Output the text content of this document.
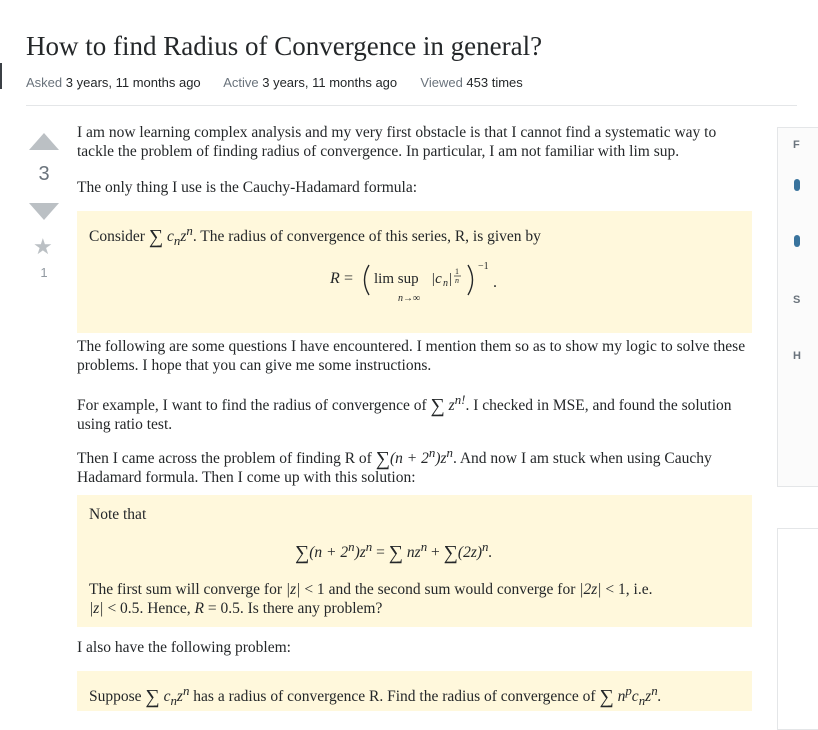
How to find Radius of Convergence in general?
Asked 3 years, 11 months ago Active 3 years, 11 months ago Viewed 453 times
3
★
1

I am now learning complex analysis and my very first obstacle is that I cannot find a systematic way to tackle the problem of finding radius of convergence. In particular, I am not familiar with lim sup.

The only thing I use is the Cauchy-Hadamard formula:

Consider ∑ $c_nz^n$. The radius of convergence of this series, R, is given by
R = lim sup
n→∞
|c n | 1
n
−1
.

The following are some questions I have encountered. I mention them so as to show my logic to solve these problems. I hope that you can give me some instructions.

For example, I want to find the radius of convergence of ∑ $z^{n!}$. I checked in MSE, and found the solution using ratio test.
Then I came across the problem of finding R of $\sum(n + 2^n)z^n$. And now I am stuck when using Cauchy Hadamard formula. Then I come up with this solution:
Note that
$\sum(n + 2^n)z^n$ = ∑ $nz^n + \sum(2z)^n$.
The first sum will converge for |z| < 1 and the second sum would converge for |2z| < 1, i.e.
|z| < 0.5. Hence, R = 0.5. Is there any problem?

I also have the following problem:

Suppose ∑ $c_nz^n$ has a radius of convergence R. Find the radius of convergence of ∑ $n^pc_nz^n$.
F
S
H
